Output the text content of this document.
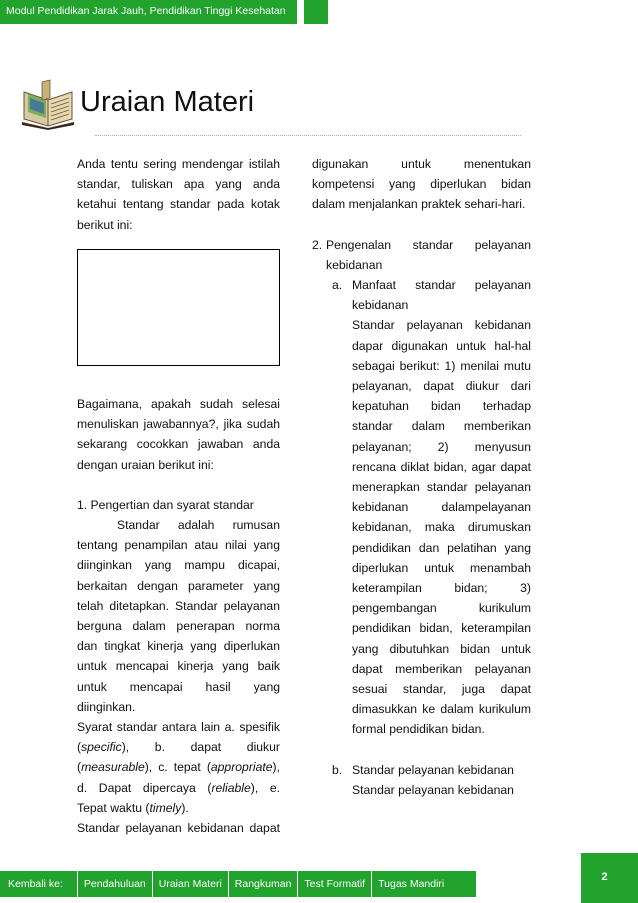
Modul Pendidikan Jarak Jauh, Pendidikan Tinggi Kesehatan
Uraian Materi

Anda tentu sering mendengar istilah standar, tuliskan apa yang anda ketahui tentang standar pada kotak berikut ini:

Bagaimana, apakah sudah selesai menuliskan jawabannya?, jika sudah sekarang cocokkan jawaban anda dengan uraian berikut ini:

1. Pengertian dan syarat standar

Standar adalah rumusan tentang penampilan atau nilai yang diinginkan yang mampu dicapai, berkaitan dengan parameter yang telah ditetapkan. Standar pelayanan berguna dalam penerapan norma dan tingkat kinerja yang diperlukan untuk mencapai kinerja yang baik untuk mencapai hasil yang diinginkan.

Syarat standar antara lain a. spesifik (specific), b. dapat diukur (measurable), c. tepat (appropriate), d. Dapat dipercaya (reliable), e. Tepat waktu (timely).

Standar pelayanan kebidanan dapat

digunakan untuk menentukan kompetensi yang diperlukan bidan dalam menjalankan praktek sehari-hari.

2. Pengenalan standar pelayanan kebidanan

a. Manfaat standar pelayanan kebidanan

Standar pelayanan kebidanan dapar digunakan untuk hal-hal sebagai berikut: 1) menilai mutu pelayanan, dapat diukur dari kepatuhan bidan terhadap standar dalam memberikan pelayanan; 2) menyusun rencana diklat bidan, agar dapat menerapkan standar pelayanan kebidanan dalampelayanan kebidanan, maka dirumuskan pendidikan dan pelatihan yang diperlukan untuk menambah keterampilan bidan; 3) pengembangan kurikulum pendidikan bidan, keterampilan yang dibutuhkan bidan untuk dapat memberikan pelayanan sesuai standar, juga dapat dimasukkan ke dalam kurikulum formal pendidikan bidan.

b. Standar pelayanan kebidanan

Standar pelayanan kebidanan

Kembali ke:	Pendahuluan	Uraian Materi	Rangkuman	Test Formatif	Tugas Mandiri
2
